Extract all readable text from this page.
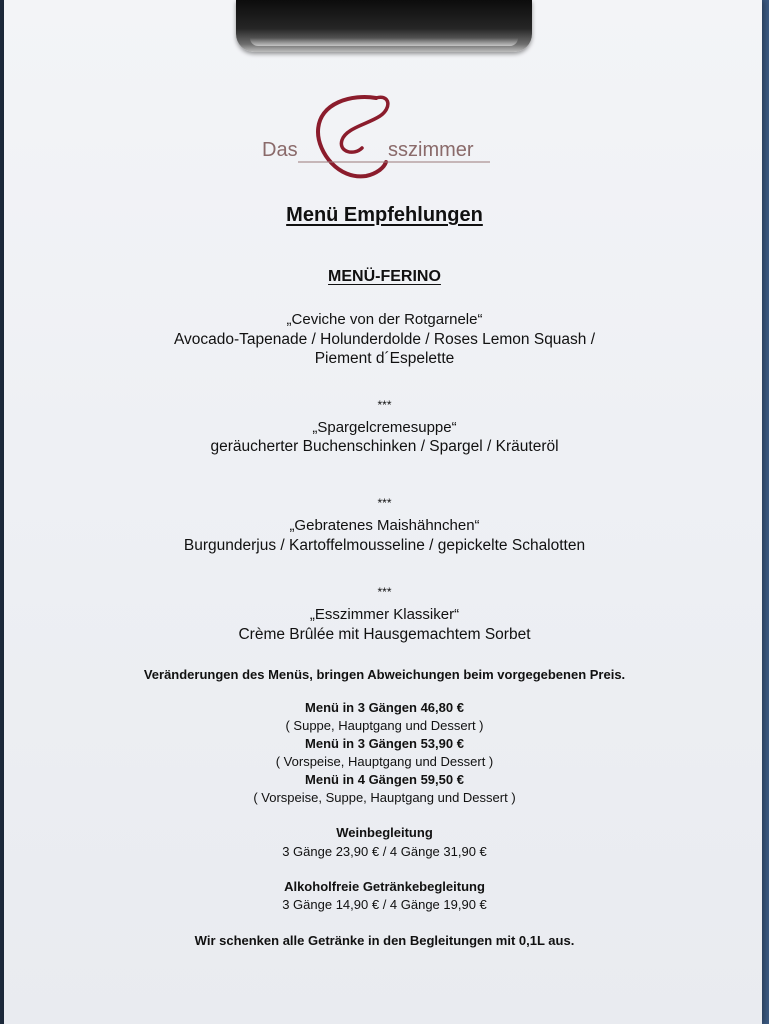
Das	sszimmer
Menü Empfehlungen
MENÜ-FERINO
„Ceviche von der Rotgarnele“
Avocado-Tapenade / Holunderdolde / Roses Lemon Squash /
Piement d´Espelette
***
„Spargelcremesuppe“
geräucherter Buchenschinken / Spargel / Kräuteröl
***
„Gebratenes Maishähnchen“
Burgunderjus / Kartoffelmousseline / gepickelte Schalotten
***
„Esszimmer Klassiker“
Crème Brûlée mit Hausgemachtem Sorbet
Veränderungen des Menüs, bringen Abweichungen beim vorgegebenen Preis.
Menü in 3 Gängen 46,80 €
( Suppe, Hauptgang und Dessert )
Menü in 3 Gängen 53,90 €
( Vorspeise, Hauptgang und Dessert )
Menü in 4 Gängen 59,50 €
( Vorspeise, Suppe, Hauptgang und Dessert )
Weinbegleitung
3 Gänge 23,90 € / 4 Gänge 31,90 €
Alkoholfreie Getränkebegleitung
3 Gänge 14,90 € / 4 Gänge 19,90 €
Wir schenken alle Getränke in den Begleitungen mit 0,1L aus.
